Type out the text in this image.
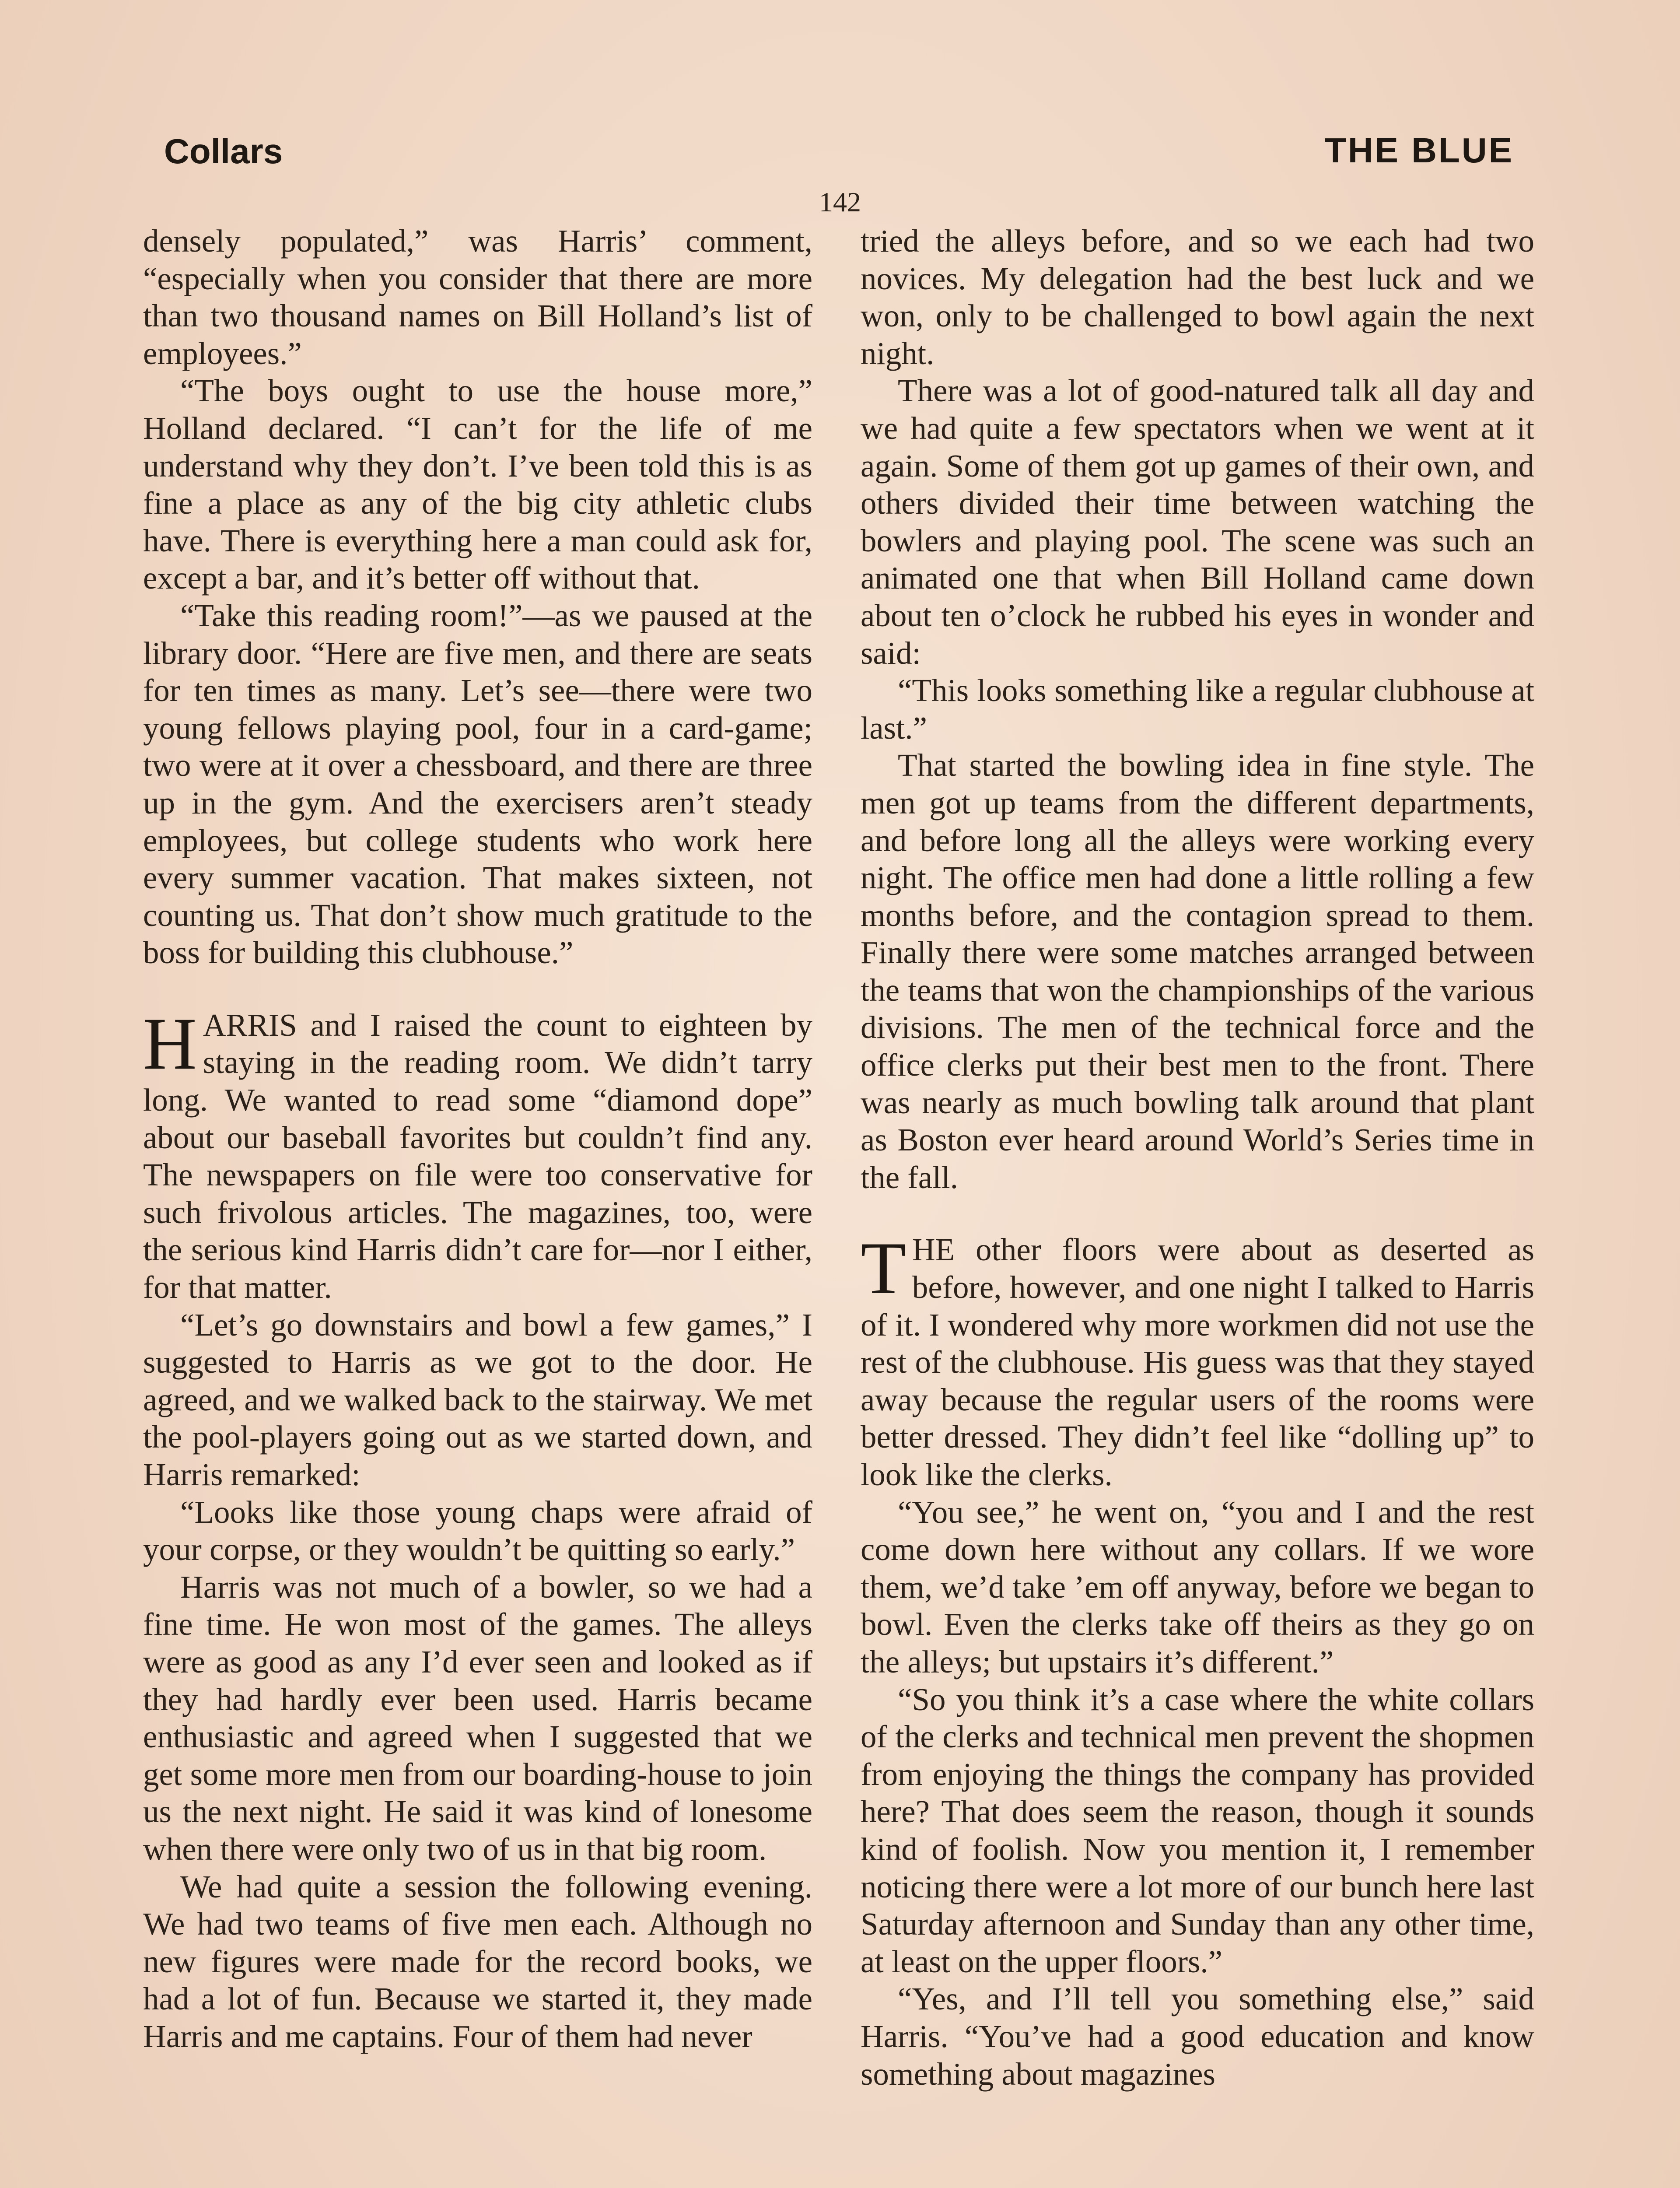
Collars	THE BLUE
142

densely populated,” was Harris’ comment, “especially when you consider that there are more than two thousand names on Bill Holland’s list of employees.”

“The boys ought to use the house more,” Holland declared. “I can’t for the life of me understand why they don’t. I’ve been told this is as fine a place as any of the big city athletic clubs have. There is everything here a man could ask for, except a bar, and it’s better off without that.

“Take this reading room!”—as we paused at the library door. “Here are five men, and there are seats for ten times as many. Let’s see—there were two young fellows playing pool, four in a card-game; two were at it over a chessboard, and there are three up in the gym. And the exercisers aren’t steady employees, but college students who work here every summer vacation. That makes sixteen, not counting us. That don’t show much gratitude to the boss for building this clubhouse.”

HARRIS and I raised the count to eighteen by staying in the reading room. We didn’t tarry long. We wanted to read some “diamond dope” about our baseball favorites but couldn’t find any. The newspapers on file were too conservative for such frivolous articles. The magazines, too, were the serious kind Harris didn’t care for—nor I either, for that matter.

“Let’s go downstairs and bowl a few games,” I suggested to Harris as we got to the door. He agreed, and we walked back to the stairway. We met the pool-players going out as we started down, and Harris remarked:

“Looks like those young chaps were afraid of your corpse, or they wouldn’t be quitting so early.”

Harris was not much of a bowler, so we had a fine time. He won most of the games. The alleys were as good as any I’d ever seen and looked as if they had hardly ever been used. Harris became enthusiastic and agreed when I suggested that we get some more men from our boarding-house to join us the next night. He said it was kind of lonesome when there were only two of us in that big room.

We had quite a session the following evening. We had two teams of five men each. Although no new figures were made for the record books, we had a lot of fun. Because we started it, they made Harris and me captains. Four of them had never

tried the alleys before, and so we each had two novices. My delegation had the best luck and we won, only to be challenged to bowl again the next night.

There was a lot of good-natured talk all day and we had quite a few spectators when we went at it again. Some of them got up games of their own, and others divided their time between watching the bowlers and playing pool. The scene was such an animated one that when Bill Holland came down about ten o’clock he rubbed his eyes in wonder and said:

“This looks something like a regular clubhouse at last.”

That started the bowling idea in fine style. The men got up teams from the different departments, and before long all the alleys were working every night. The office men had done a little rolling a few months before, and the contagion spread to them. Finally there were some matches arranged between the teams that won the championships of the various divisions. The men of the technical force and the office clerks put their best men to the front. There was nearly as much bowling talk around that plant as Boston ever heard around World’s Series time in the fall.

THE other floors were about as deserted as before, however, and one night I talked to Harris of it. I wondered why more workmen did not use the rest of the clubhouse. His guess was that they stayed away because the regular users of the rooms were better dressed. They didn’t feel like “dolling up” to look like the clerks.

“You see,” he went on, “you and I and the rest come down here without any collars. If we wore them, we’d take ’em off anyway, before we began to bowl. Even the clerks take off theirs as they go on the alleys; but upstairs it’s different.”

“So you think it’s a case where the white collars of the clerks and technical men prevent the shopmen from enjoying the things the company has provided here? That does seem the reason, though it sounds kind of foolish. Now you mention it, I remember noticing there were a lot more of our bunch here last Saturday afternoon and Sunday than any other time, at least on the upper floors.”

“Yes, and I’ll tell you something else,” said Harris. “You’ve had a good education and know something about magazines
